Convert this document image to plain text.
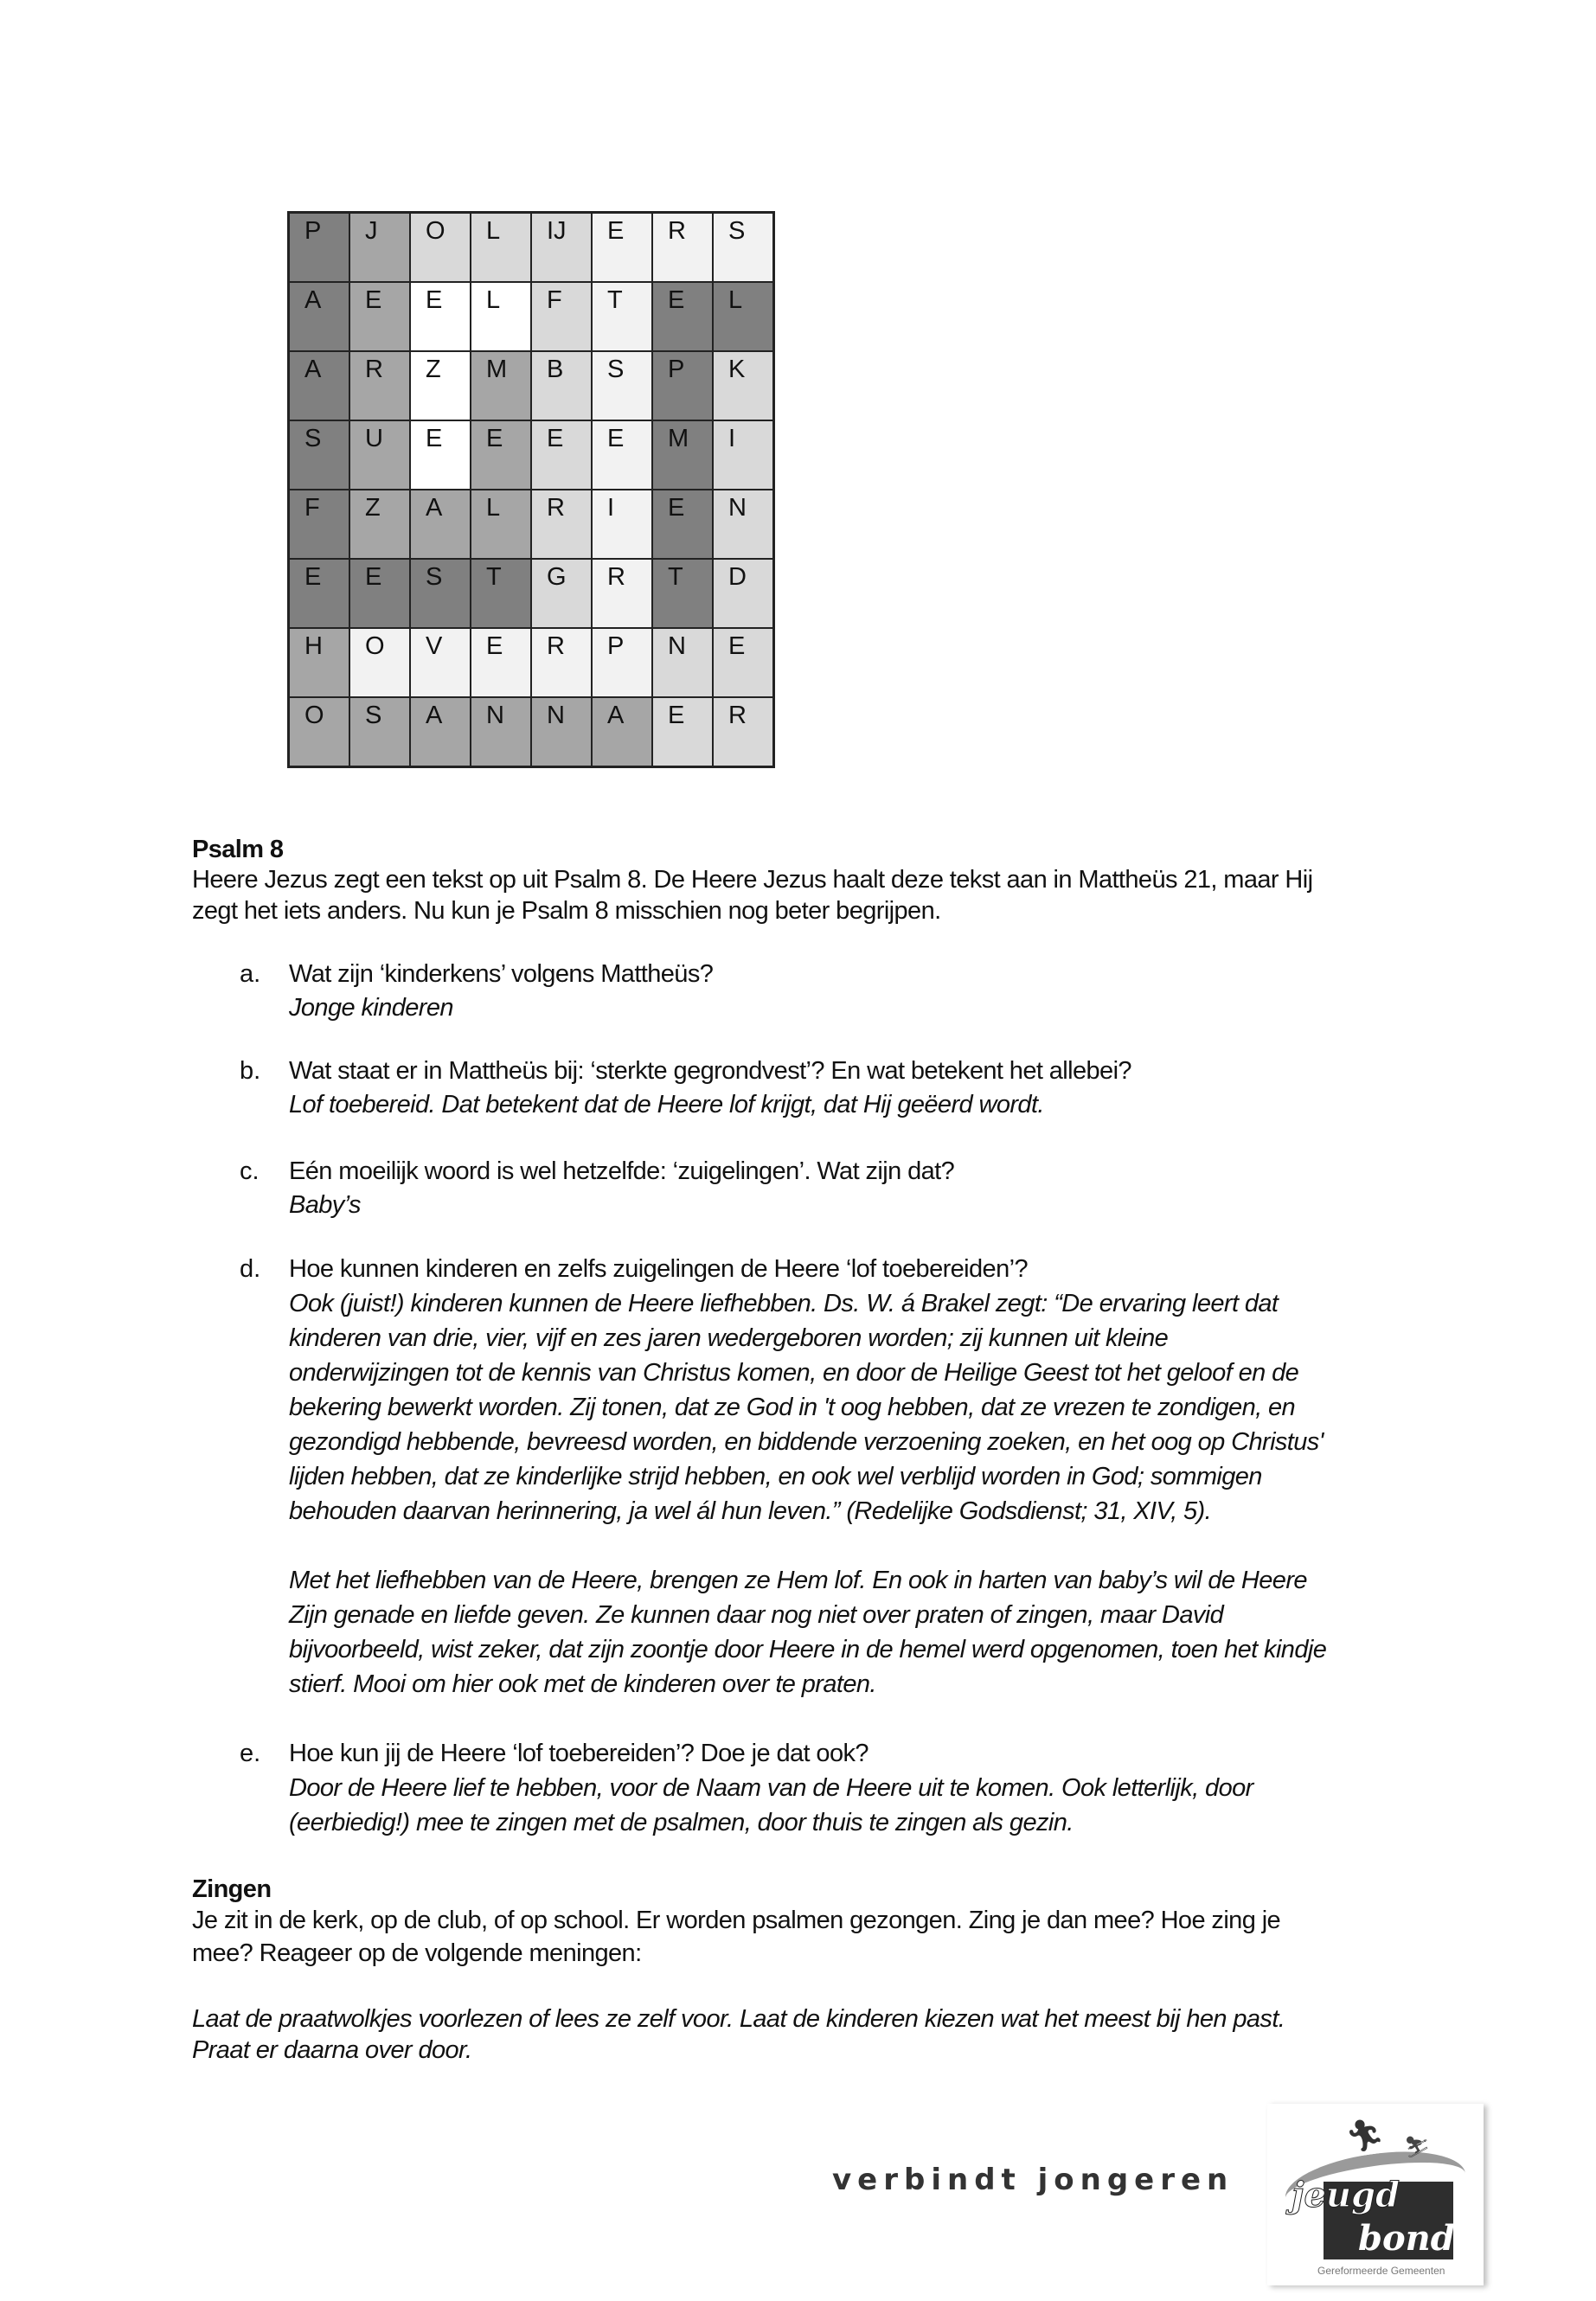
P J O L IJ E R S
A E E L F T E L
A R Z M B S P K
S U E E E E M I
F Z A L R I E N
E E S T G R T D
H O V E R P N E
O S A N N A E R
Psalm 8
Heere Jezus zegt een tekst op uit Psalm 8. De Heere Jezus haalt deze tekst aan in Mattheüs 21, maar Hij
zegt het iets anders. Nu kun je Psalm 8 misschien nog beter begrijpen.
a. Wat zijn ‘kinderkens’ volgens Mattheüs?
Jonge kinderen
b. Wat staat er in Mattheüs bij: ‘sterkte gegrondvest’? En wat betekent het allebei?
Lof toebereid. Dat betekent dat de Heere lof krijgt, dat Hij geëerd wordt.
c. Eén moeilijk woord is wel hetzelfde: ‘zuigelingen’. Wat zijn dat?
Baby’s
d. Hoe kunnen kinderen en zelfs zuigelingen de Heere ‘lof toebereiden’?
Ook (juist!) kinderen kunnen de Heere liefhebben. Ds. W. á Brakel zegt: “De ervaring leert dat
kinderen van drie, vier, vijf en zes jaren wedergeboren worden; zij kunnen uit kleine
onderwijzingen tot de kennis van Christus komen, en door de Heilige Geest tot het geloof en de
bekering bewerkt worden. Zij tonen, dat ze God in 't oog hebben, dat ze vrezen te zondigen, en
gezondigd hebbende, bevreesd worden, en biddende verzoening zoeken, en het oog op Christus'
lijden hebben, dat ze kinderlijke strijd hebben, en ook wel verblijd worden in God; sommigen
behouden daarvan herinnering, ja wel ál hun leven.” (Redelijke Godsdienst; 31, XIV, 5).
Met het liefhebben van de Heere, brengen ze Hem lof. En ook in harten van baby’s wil de Heere
Zijn genade en liefde geven. Ze kunnen daar nog niet over praten of zingen, maar David
bijvoorbeeld, wist zeker, dat zijn zoontje door Heere in de hemel werd opgenomen, toen het kindje
stierf. Mooi om hier ook met de kinderen over te praten.
e. Hoe kun jij de Heere ‘lof toebereiden’? Doe je dat ook?
Door de Heere lief te hebben, voor de Naam van de Heere uit te komen. Ook letterlijk, door
(eerbiedig!) mee te zingen met de psalmen, door thuis te zingen als gezin.
Zingen
Je zit in de kerk, op de club, of op school. Er worden psalmen gezongen. Zing je dan mee? Hoe zing je
mee? Reageer op de volgende meningen:
Laat de praatwolkjes voorlezen of lees ze zelf voor. Laat de kinderen kiezen wat het meest bij hen past.
Praat er daarna over door.
verbindt jongeren
🏃︎ ⛷︎
jeugd
bond
Gereformeerde Gemeenten
